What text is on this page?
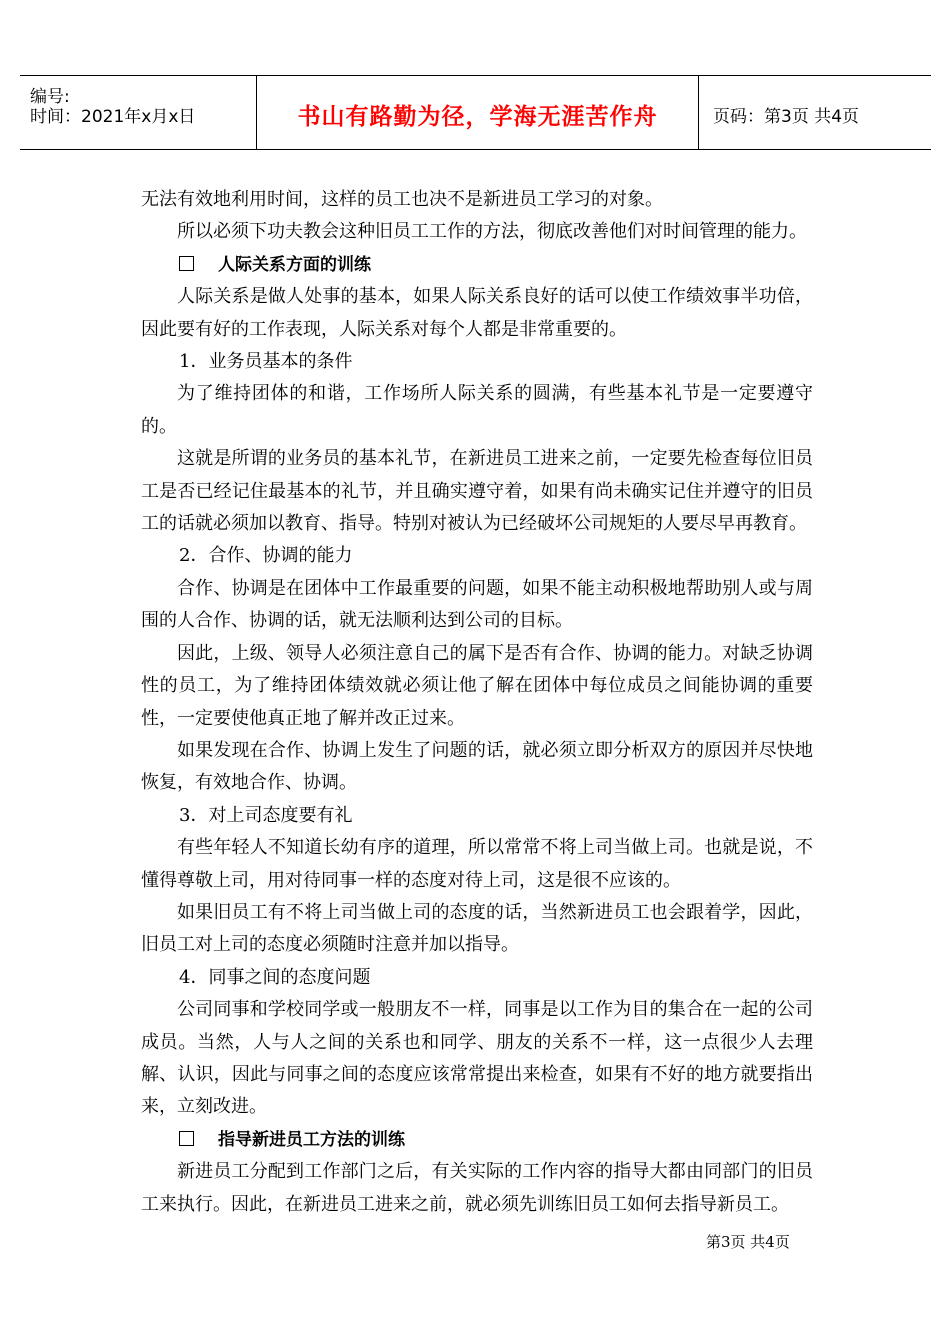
编号:
时间：2021年x月x日	书山有路勤为径，学海无涯苦作舟	页码：第3页 共4页

无法有效地利用时间，这样的员工也决不是新进员工学习的对象。

所以必须下功夫教会这种旧员工工作的方法，彻底改善他们对时间管理的能力。

人际关系方面的训练

人际关系是做人处事的基本，如果人际关系良好的话可以使工作绩效事半功倍，因此要有好的工作表现，人际关系对每个人都是非常重要的。

1．业务员基本的条件

为了维持团体的和谐，工作场所人际关系的圆满，有些基本礼节是一定要遵守的。

这就是所谓的业务员的基本礼节，在新进员工进来之前，一定要先检查每位旧员工是否已经记住最基本的礼节，并且确实遵守着，如果有尚未确实记住并遵守的旧员工的话就必须加以教育、指导。特别对被认为已经破坏公司规矩的人要尽早再教育。

2．合作、协调的能力

合作、协调是在团体中工作最重要的问题，如果不能主动积极地帮助别人或与周围的人合作、协调的话，就无法顺利达到公司的目标。

因此，上级、领导人必须注意自己的属下是否有合作、协调的能力。对缺乏协调性的员工，为了维持团体绩效就必须让他了解在团体中每位成员之间能协调的重要性，一定要使他真正地了解并改正过来。

如果发现在合作、协调上发生了问题的话，就必须立即分析双方的原因并尽快地恢复，有效地合作、协调。

3．对上司态度要有礼

有些年轻人不知道长幼有序的道理，所以常常不将上司当做上司。也就是说，不懂得尊敬上司，用对待同事一样的态度对待上司，这是很不应该的。

如果旧员工有不将上司当做上司的态度的话，当然新进员工也会跟着学，因此，旧员工对上司的态度必须随时注意并加以指导。

4．同事之间的态度问题

公司同事和学校同学或一般朋友不一样，同事是以工作为目的集合在一起的公司成员。当然，人与人之间的关系也和同学、朋友的关系不一样，这一点很少人去理解、认识，因此与同事之间的态度应该常常提出来检查，如果有不好的地方就要指出来，立刻改进。

指导新进员工方法的训练

新进员工分配到工作部门之后，有关实际的工作内容的指导大都由同部门的旧员工来执行。因此，在新进员工进来之前，就必须先训练旧员工如何去指导新员工。

第3页 共4页
